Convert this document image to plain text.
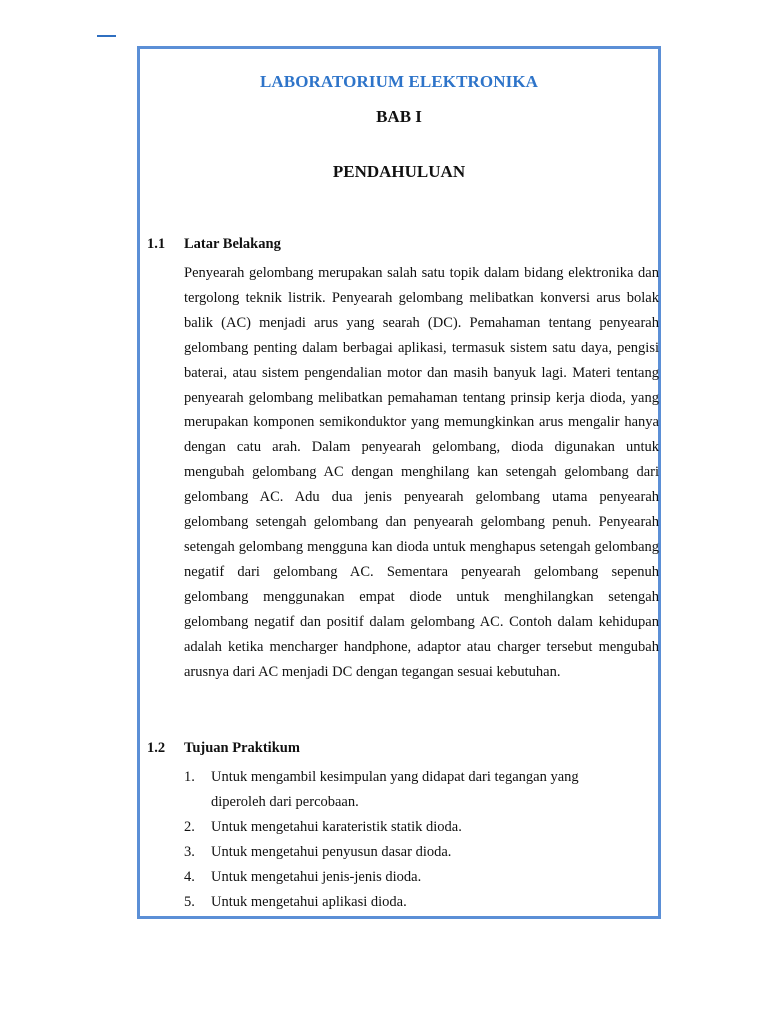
LABORATORIUM ELEKTRONIKA
BAB I
PENDAHULUAN
1.1 Latar Belakang

Penyearah gelombang merupakan salah satu topik dalam bidang elektronika dan tergolong teknik listrik. Penyearah gelombang melibatkan konversi arus bolak balik (AC) menjadi arus yang searah (DC). Pemahaman tentang penyearah gelombang penting dalam berbagai aplikasi, termasuk sistem satu daya, pengisi baterai, atau sistem pengendalian motor dan masih banyuk lagi. Materi tentang penyearah gelombang melibatkan pemahaman tentang prinsip kerja dioda, yang merupakan komponen semikonduktor yang memungkinkan arus mengalir hanya dengan catu arah. Dalam penyearah gelombang, dioda digunakan untuk mengubah gelombang AC dengan menghilang kan setengah gelombang dari gelombang AC. Adu dua jenis penyearah gelombang utama penyearah gelombang setengah gelombang dan penyearah gelombang penuh. Penyearah setengah gelombang mengguna kan dioda untuk menghapus setengah gelombang negatif dari gelombang AC. Sementara penyearah gelombang sepenuh gelombang menggunakan empat diode untuk menghilangkan setengah gelombang negatif dan positif dalam gelombang AC. Contoh dalam kehidupan adalah ketika mencharger handphone, adaptor atau charger tersebut mengubah arusnya dari AC menjadi DC dengan tegangan sesuai kebutuhan.

1.2 Tujuan Praktikum
1.	Untuk mengambil kesimpulan yang didapat dari tegangan yang diperoleh dari percobaan.
2.	Untuk mengetahui karateristik statik dioda.
3.	Untuk mengetahui penyusun dasar dioda.
4.	Untuk mengetahui jenis-jenis dioda.
5.	Untuk mengetahui aplikasi dioda.
